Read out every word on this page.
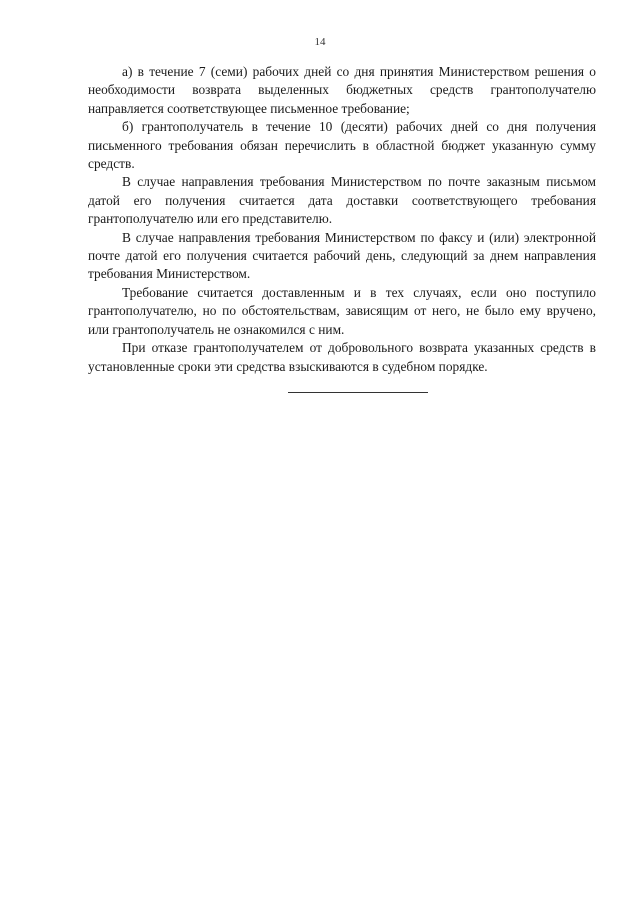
14

а) в течение 7 (семи) рабочих дней со дня принятия Министерством решения о необходимости возврата выделенных бюджетных средств грантополучателю направляется соответствующее письменное требование;

б) грантополучатель в течение 10 (десяти) рабочих дней со дня получения письменного требования обязан перечислить в областной бюджет указанную сумму средств.

В случае направления требования Министерством по почте заказным письмом датой его получения считается дата доставки соответствующего требования грантополучателю или его представителю.

В случае направления требования Министерством по факсу и (или) электронной почте датой его получения считается рабочий день, следующий за днем направления требования Министерством.

Требование считается доставленным и в тех случаях, если оно поступило грантополучателю, но по обстоятельствам, зависящим от него, не было ему вручено, или грантополучатель не ознакомился с ним.

При отказе грантополучателем от добровольного возврата указанных средств в установленные сроки эти средства взыскиваются в судебном порядке.
